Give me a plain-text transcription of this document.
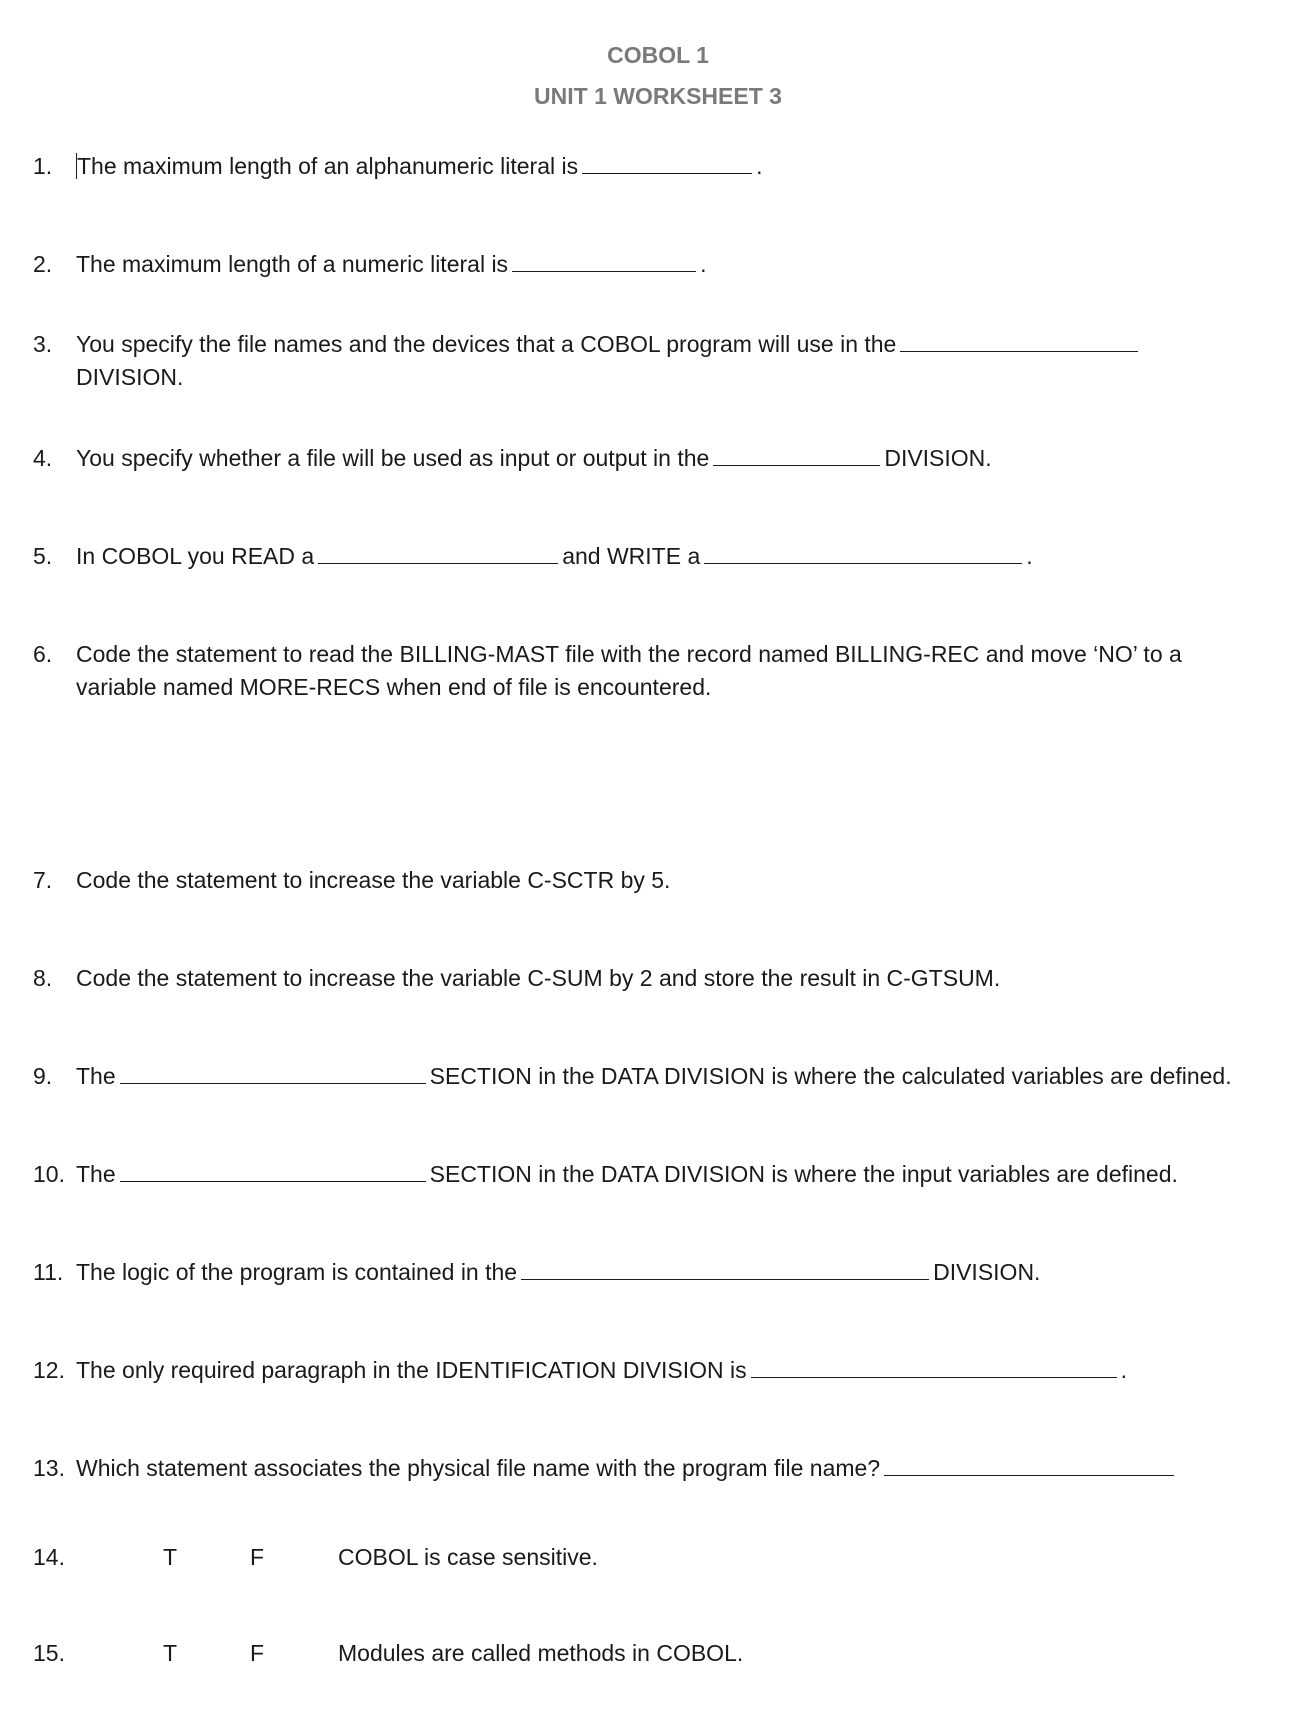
COBOL 1
UNIT 1 WORKSHEET 3
1. The maximum length of an alphanumeric literal is	.
2. The maximum length of a numeric literal is	.
3. You specify the file names and the devices that a COBOL program will use in the
DIVISION.
4. You specify whether a file will be used as input or output in the	DIVISION.
5. In COBOL you READ a	and WRITE a	.
6. Code the statement to read the BILLING-MAST file with the record named BILLING-REC and move ‘NO’ to a
variable named MORE-RECS when end of file is encountered.
7. Code the statement to increase the variable C-SCTR by 5.
8. Code the statement to increase the variable C-SUM by 2 and store the result in C-GTSUM.
9. The	SECTION in the DATA DIVISION is where the calculated variables are defined.
10. The	SECTION in the DATA DIVISION is where the input variables are defined.
11. The logic of the program is contained in the	DIVISION.
12. The only required paragraph in the IDENTIFICATION DIVISION is	.
13. Which statement associates the physical file name with the program file name?
14.	T	F	COBOL is case sensitive.
15.	T	F	Modules are called methods in COBOL.
